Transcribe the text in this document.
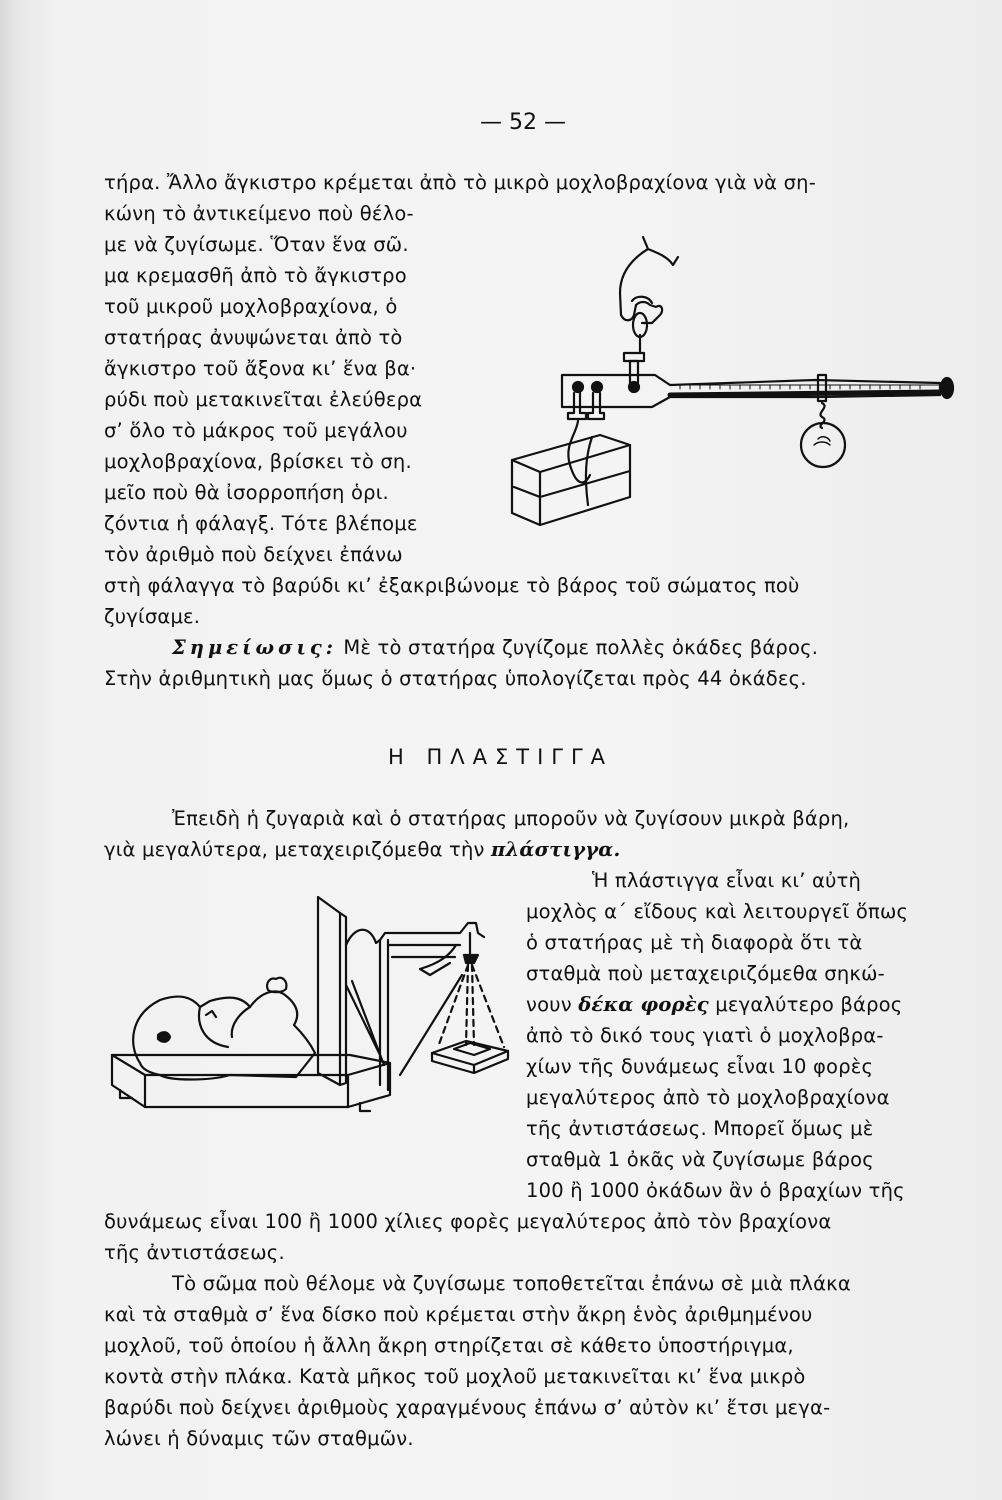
— 52 —
τήρα. Ἄλλο ἄγκιστρο κρέμεται ἀπὸ τὸ μικρὸ μοχλοβραχίονα γιὰ νὰ ση-
κώνη τὸ ἀντικείμενο ποὺ θέλο-
με νὰ ζυγίσωμε. Ὅταν ἕνα σῶ.
μα κρεμασθῆ ἀπὸ τὸ ἄγκιστρο
τοῦ μικροῦ μοχλοβραχίονα, ὁ
στατήρας ἀνυψώνεται ἀπὸ τὸ
ἄγκιστρο τοῦ ἄξονα κι’ ἕνα βα·
ρύδι ποὺ μετακινεῖται ἐλεύθερα
σ’ ὅλο τὸ μάκρος τοῦ μεγάλου
μοχλοβραχίονα, βρίσκει τὸ ση.
μεῖο ποὺ θὰ ἰσορροπήση ὁρι.
ζόντια ἡ φάλαγξ. Τότε βλέπομε
τὸν ἀριθμὸ ποὺ δείχνει ἐπάνω
στὴ φάλαγγα τὸ βαρύδι κι’ ἐξακριβώνομε τὸ βάρος τοῦ σώματος ποὺ
ζυγίσαμε.
Σημείωσις: Μὲ τὸ στατήρα ζυγίζομε πολλὲς ὀκάδες βάρος.
Στὴν ἀριθμητικὴ μας ὅμως ὁ στατήρας ὑπολογίζεται πρὸς 44 ὀκάδες.
Η ΠΛΑΣΤΙΓΓΑ
Ἐπειδὴ ἡ ζυγαριὰ καὶ ὁ στατήρας μποροῦν νὰ ζυγίσουν μικρὰ βάρη,
γιὰ μεγαλύτερα, μεταχειριζόμεθα τὴν πλάστιγγα.
Ἡ πλάστιγγα εἶναι κι’ αὐτὴ
μοχλὸς α΄ εἴδους καὶ λειτουργεῖ ὅπως
ὁ στατήρας μὲ τὴ διαφορὰ ὅτι τὰ
σταθμὰ ποὺ μεταχειριζόμεθα σηκώ-
νουν δέκα φορὲς μεγαλύτερο βάρος
ἀπὸ τὸ δικό τους γιατὶ ὁ μοχλοβρα-
χίων τῆς δυνάμεως εἶναι 10 φορὲς
μεγαλύτερος ἀπὸ τὸ μοχλοβραχίονα
τῆς ἀντιστάσεως. Μπορεῖ ὅμως μὲ
σταθμὰ 1 ὀκᾶς νὰ ζυγίσωμε βάρος
100 ἢ 1000 ὀκάδων ἂν ὁ βραχίων τῆς
δυνάμεως εἶναι 100 ἢ 1000 χίλιες φορὲς μεγαλύτερος ἀπὸ τὸν βραχίονα
τῆς ἀντιστάσεως.
Τὸ σῶμα ποὺ θέλομε νὰ ζυγίσωμε τοποθετεῖται ἐπάνω σὲ μιὰ πλάκα
καὶ τὰ σταθμὰ σ’ ἕνα δίσκο ποὺ κρέμεται στὴν ἄκρη ἑνὸς ἀριθμημένου
μοχλοῦ, τοῦ ὁποίου ἡ ἄλλη ἄκρη στηρίζεται σὲ κάθετο ὑποστήριγμα,
κοντὰ στὴν πλάκα. Κατὰ μῆκος τοῦ μοχλοῦ μετακινεῖται κι’ ἕνα μικρὸ
βαρύδι ποὺ δείχνει ἀριθμοὺς χαραγμένους ἐπάνω σ’ αὐτὸν κι’ ἔτσι μεγα-
λώνει ἡ δύναμις τῶν σταθμῶν.
